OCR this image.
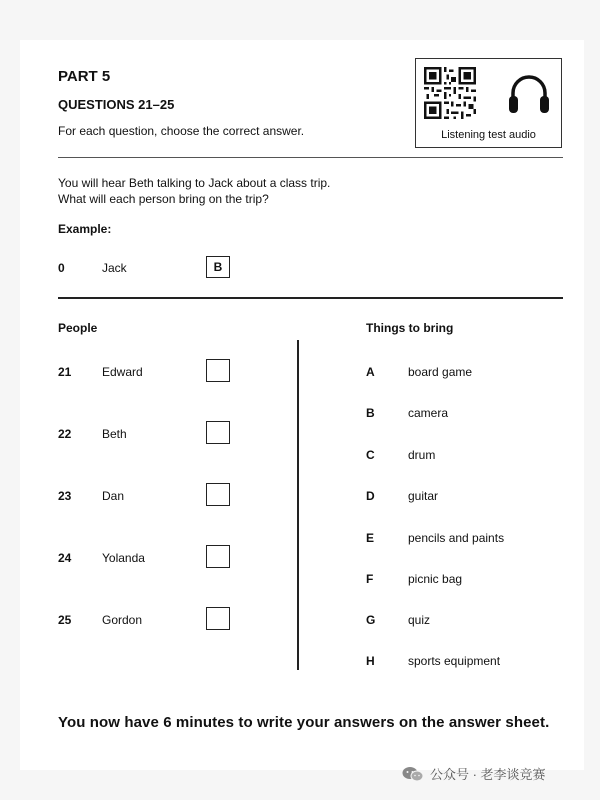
PART 5
QUESTIONS 21–25
For each question, choose the correct answer.	Listening test audio
You will hear Beth talking to Jack about a class trip.
What will each person bring on the trip?
Example:
0	Jack	B
People	Things to bring
21	Edward
22	Beth
23	Dan
24	Yolanda
25	Gordon
A	board game
B	camera
C	drum
D	guitar
E	pencils and paints
F	picnic bag
G	quiz
H	sports equipment
You now have 6 minutes to write your answers on the answer sheet.
公众号 · 老李谈竞赛
